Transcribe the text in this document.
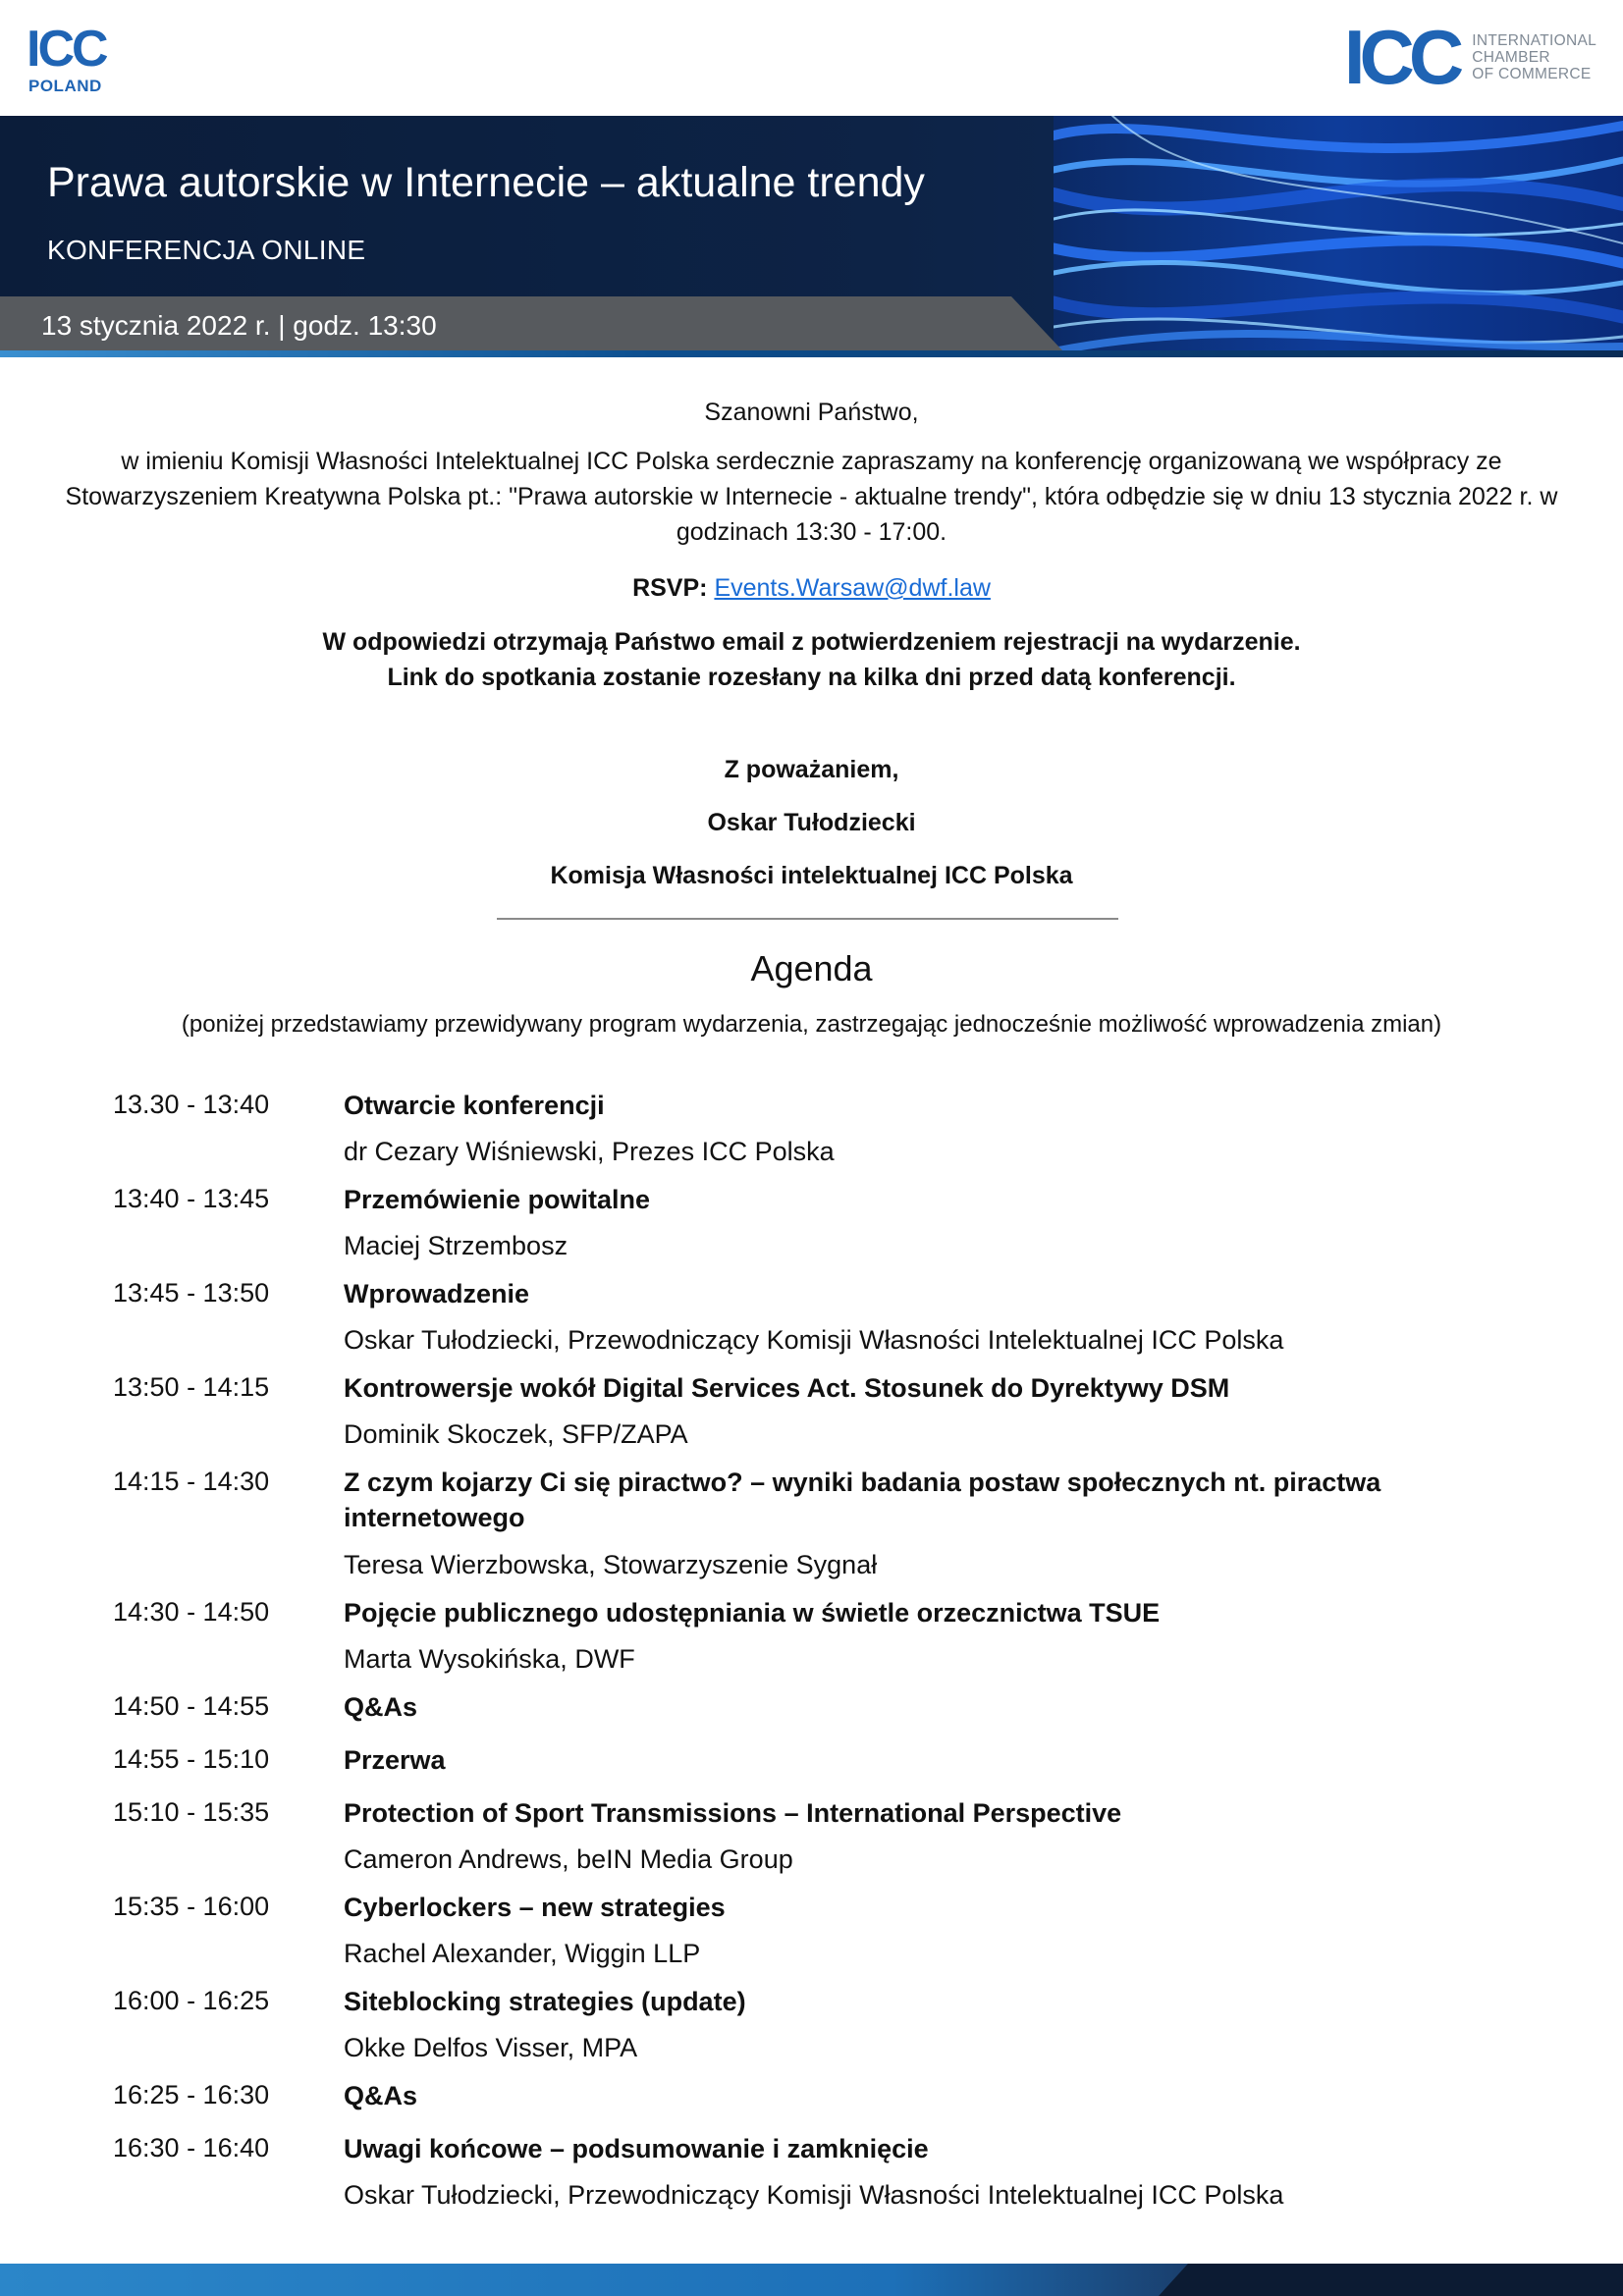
ICC
POLAND	ICC INTERNATIONAL
CHAMBER
OF COMMERCE
Prawa autorskie w Internecie – aktualne trendy
KONFERENCJA ONLINE
13 stycznia 2022 r. | godz. 13:30
Szanowni Państwo,
w imieniu Komisji Własności Intelektualnej ICC Polska serdecznie zapraszamy na konferencję organizowaną we współpracy ze Stowarzyszeniem Kreatywna Polska pt.: "Prawa autorskie w Internecie - aktualne trendy", która odbędzie się w dniu 13 stycznia 2022 r. w godzinach 13:30 - 17:00.
RSVP: Events.Warsaw@dwf.law
W odpowiedzi otrzymają Państwo email z potwierdzeniem rejestracji na wydarzenie.
Link do spotkania zostanie rozesłany na kilka dni przed datą konferencji.
Z poważaniem,
Oskar Tułodziecki
Komisja Własności intelektualnej ICC Polska
Agenda
(poniżej przedstawiamy przewidywany program wydarzenia, zastrzegając jednocześnie możliwość wprowadzenia zmian)
13.30 - 13:40	Otwarcie konferencji
dr Cezary Wiśniewski, Prezes ICC Polska
13:40 - 13:45	Przemówienie powitalne
Maciej Strzembosz
13:45 - 13:50	Wprowadzenie
Oskar Tułodziecki, Przewodniczący Komisji Własności Intelektualnej ICC Polska
13:50 - 14:15	Kontrowersje wokół Digital Services Act. Stosunek do Dyrektywy DSM
Dominik Skoczek, SFP/ZAPA
14:15 - 14:30	Z czym kojarzy Ci się piractwo? – wyniki badania postaw społecznych nt. piractwa internetowego
Teresa Wierzbowska, Stowarzyszenie Sygnał
14:30 - 14:50	Pojęcie publicznego udostępniania w świetle orzecznictwa TSUE
Marta Wysokińska, DWF
14:50 - 14:55	Q&As
14:55 - 15:10	Przerwa
15:10 - 15:35	Protection of Sport Transmissions – International Perspective
Cameron Andrews, beIN Media Group
15:35 - 16:00	Cyberlockers – new strategies
Rachel Alexander, Wiggin LLP
16:00 - 16:25	Siteblocking strategies (update)
Okke Delfos Visser, MPA
16:25 - 16:30	Q&As
16:30 - 16:40	Uwagi końcowe – podsumowanie i zamknięcie
Oskar Tułodziecki, Przewodniczący Komisji Własności Intelektualnej ICC Polska
